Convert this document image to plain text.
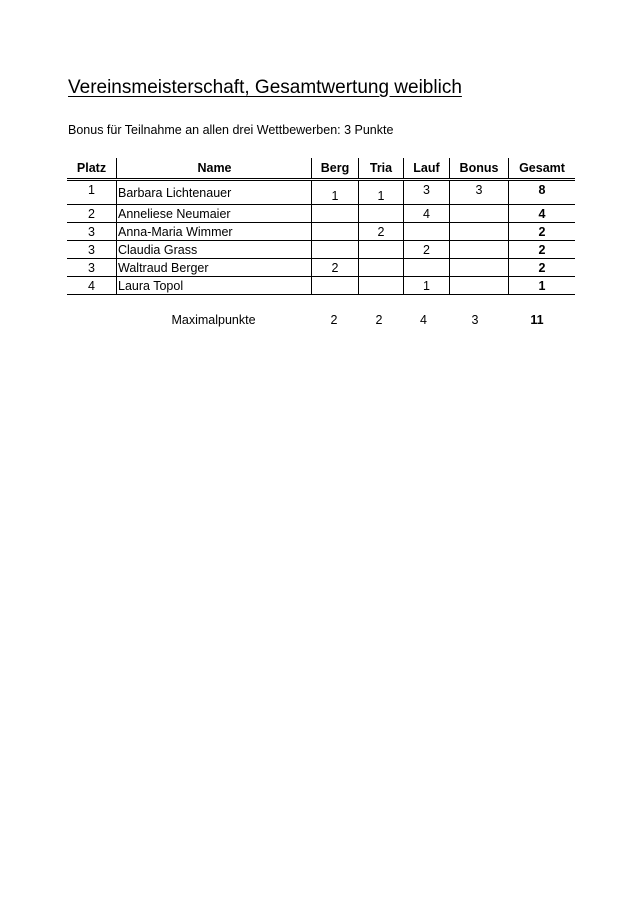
Vereinsmeisterschaft, Gesamtwertung weiblich
Bonus für Teilnahme an allen drei Wettbewerben: 3 Punkte
Platz	Name	Berg	Tria	Lauf	Bonus	Gesamt
1	Barbara Lichtenauer	1	1	3	3	8
2	Anneliese Neumaier			4		4
3	Anna-Maria Wimmer		2			2
3	Claudia Grass			2		2
3	Waltraud Berger	2				2
4	Laura Topol			1		1
Maximalpunkte	2	2	4	3	11
